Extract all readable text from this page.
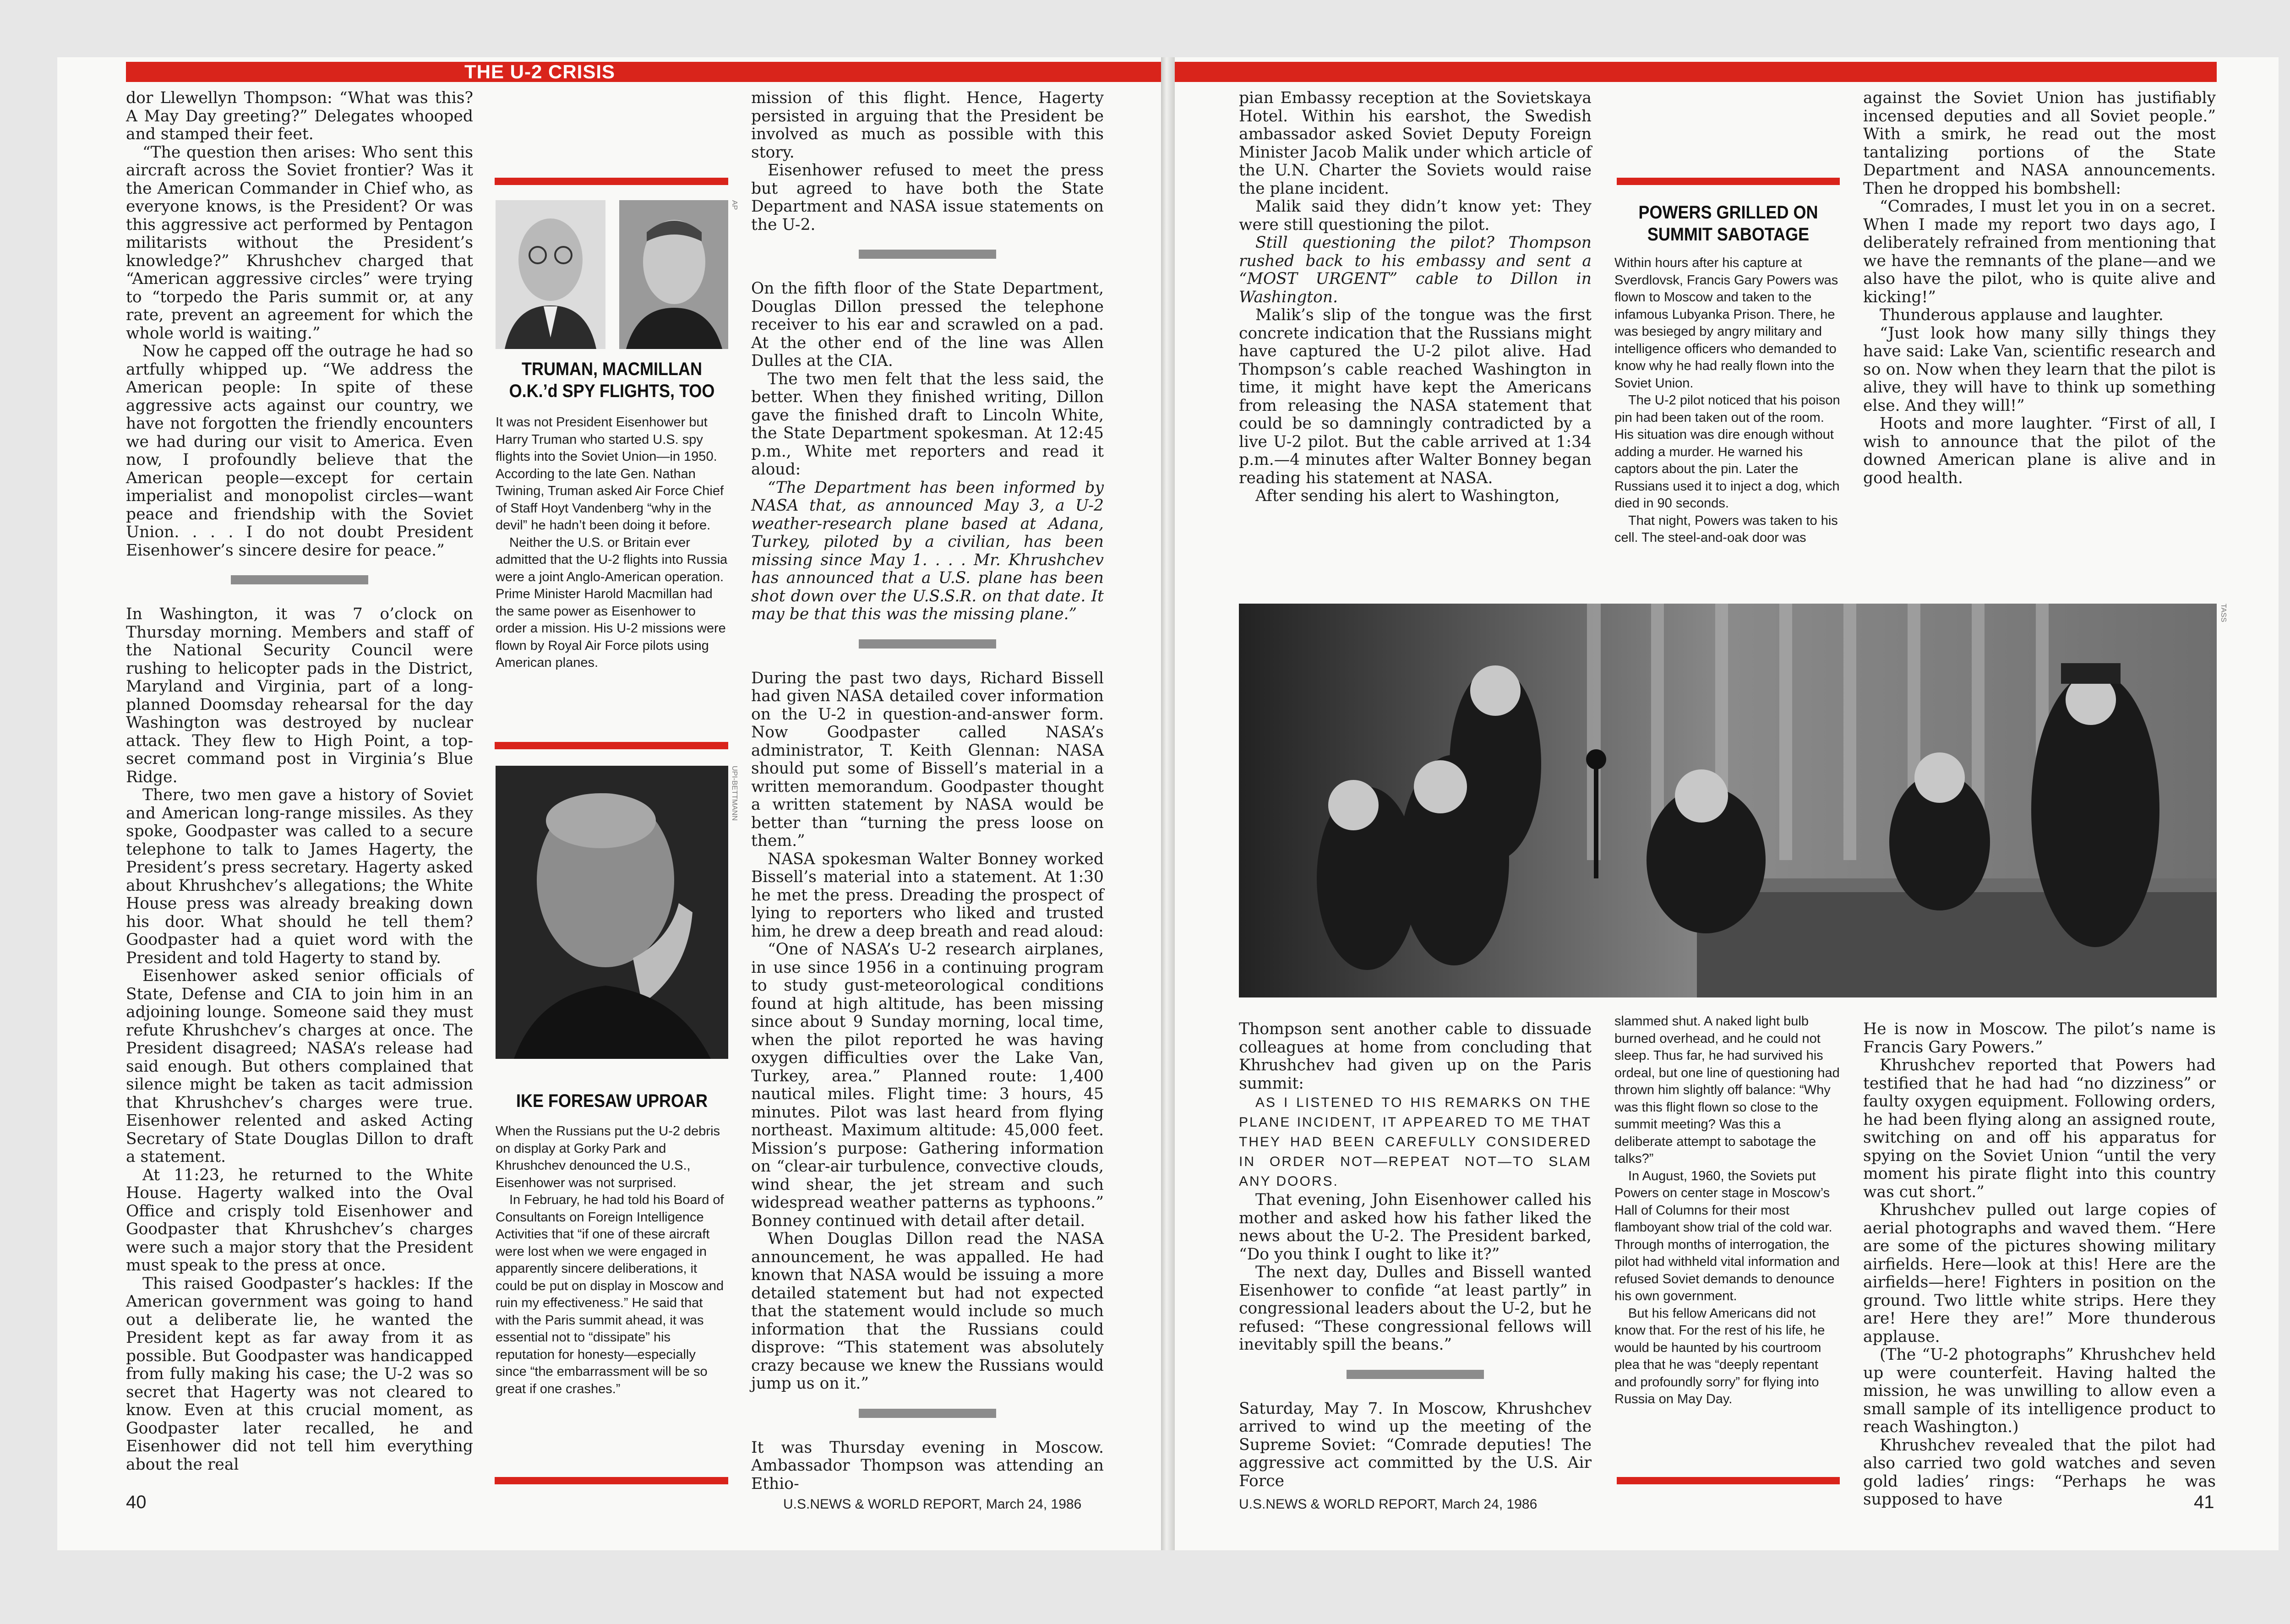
THE U-2 CRISIS

dor Llewellyn Thompson: “What was this? A May Day greeting?” Delegates whooped and stamped their feet.

“The question then arises: Who sent this aircraft across the Soviet frontier? Was it the American Commander in Chief who, as everyone knows, is the President? Or was this aggressive act performed by Pentagon militarists without the President’s knowledge?” Khrushchev charged that “American aggressive circles” were trying to “torpedo the Paris summit or, at any rate, prevent an agreement for which the whole world is waiting.”

Now he capped off the outrage he had so artfully whipped up. “We address the American people: In spite of these aggressive acts against our country, we have not forgotten the friendly encounters we had during our visit to America. Even now, I profoundly believe that the American people—except for certain imperialist and monopolist circles—want peace and friendship with the Soviet Union. . . . I do not doubt President Eisenhower’s sincere desire for peace.”

In Washington, it was 7 o’clock on Thursday morning. Members and staff of the National Security Council were rushing to helicopter pads in the District, Maryland and Virginia, part of a long-planned Doomsday rehearsal for the day Washington was destroyed by nuclear attack. They flew to High Point, a top-secret command post in Virginia’s Blue Ridge.

There, two men gave a history of Soviet and American long-range missiles. As they spoke, Goodpaster was called to a secure telephone to talk to James Hagerty, the President’s press secretary. Hagerty asked about Khrushchev’s allegations; the White House press was already breaking down his door. What should he tell them? Goodpaster had a quiet word with the President and told Hagerty to stand by.

Eisenhower asked senior officials of State, Defense and CIA to join him in an adjoining lounge. Someone said they must refute Khrushchev’s charges at once. The President disagreed; NASA’s release had said enough. But others complained that silence might be taken as tacit admission that Khrushchev’s charges were true. Eisenhower relented and asked Acting Secretary of State Douglas Dillon to draft a statement.

At 11:23, he returned to the White House. Hagerty walked into the Oval Office and crisply told Eisenhower and Goodpaster that Khrushchev’s charges were such a major story that the President must speak to the press at once.

This raised Goodpaster’s hackles: If the American government was going to hand out a deliberate lie, he wanted the President kept as far away from it as possible. But Goodpaster was handicapped from fully making his case; the U-2 was so secret that Hagerty was not cleared to know. Even at this crucial moment, as Goodpaster later recalled, he and Eisenhower did not tell him everything about the real

AP
TRUMAN, MACMILLAN O.K.’d SPY FLIGHTS, TOO

It was not President Eisenhower but Harry Truman who started U.S. spy flights into the Soviet Union—in 1950. According to the late Gen. Nathan Twining, Truman asked Air Force Chief of Staff Hoyt Vandenberg “why in the devil” he hadn’t been doing it before.

Neither the U.S. or Britain ever admitted that the U-2 flights into Russia were a joint Anglo-American operation. Prime Minister Harold Macmillan had the same power as Eisenhower to order a mission. His U-2 missions were flown by Royal Air Force pilots using American planes.

UPI-BETTMANN
IKE FORESAW UPROAR

When the Russians put the U-2 debris on display at Gorky Park and Khrushchev denounced the U.S., Eisenhower was not surprised.

In February, he had told his Board of Consultants on Foreign Intelligence Activities that “if one of these aircraft were lost when we were engaged in apparently sincere deliberations, it could be put on display in Moscow and ruin my effectiveness.” He said that with the Paris summit ahead, it was essential not to “dissipate” his reputation for honesty—especially since “the embarrassment will be so great if one crashes.”

mission of this flight. Hence, Hagerty persisted in arguing that the President be involved as much as possible with this story.

Eisenhower refused to meet the press but agreed to have both the State Department and NASA issue statements on the U-2.

On the fifth floor of the State Department, Douglas Dillon pressed the telephone receiver to his ear and scrawled on a pad. At the other end of the line was Allen Dulles at the CIA.

The two men felt that the less said, the better. When they finished writing, Dillon gave the finished draft to Lincoln White, the State Department spokesman. At 12:45 p.m., White met reporters and read it aloud:

“The Department has been informed by NASA that, as announced May 3, a U-2 weather-research plane based at Adana, Turkey, piloted by a civilian, has been missing since May 1. . . . Mr. Khrushchev has announced that a U.S. plane has been shot down over the U.S.S.R. on that date. It may be that this was the missing plane.”

During the past two days, Richard Bissell had given NASA detailed cover information on the U-2 in question-and-answer form. Now Goodpaster called NASA’s administrator, T. Keith Glennan: NASA should put some of Bissell’s material in a written memorandum. Goodpaster thought a written statement by NASA would be better than “turning the press loose on them.”

NASA spokesman Walter Bonney worked Bissell’s material into a statement. At 1:30 he met the press. Dreading the prospect of lying to reporters who liked and trusted him, he drew a deep breath and read aloud:

“One of NASA’s U-2 research airplanes, in use since 1956 in a continuing program to study gust-meteorological conditions found at high altitude, has been missing since about 9 Sunday morning, local time, when the pilot reported he was having oxygen difficulties over the Lake Van, Turkey, area.” Planned route: 1,400 nautical miles. Flight time: 3 hours, 45 minutes. Pilot was last heard from flying northeast. Maximum altitude: 45,000 feet. Mission’s purpose: Gathering information on “clear-air turbulence, convective clouds, wind shear, the jet stream and such widespread weather patterns as typhoons.” Bonney continued with detail after detail.

When Douglas Dillon read the NASA announcement, he was appalled. He had known that NASA would be issuing a more detailed statement but had not expected that the statement would include so much information that the Russians could disprove: “This statement was absolutely crazy because we knew the Russians would jump us on it.”

It was Thursday evening in Moscow. Ambassador Thompson was attending an Ethio-

pian Embassy reception at the Sovietskaya Hotel. Within his earshot, the Swedish ambassador asked Soviet Deputy Foreign Minister Jacob Malik under which article of the U.N. Charter the Soviets would raise the plane incident.

Malik said they didn’t know yet: They were still questioning the pilot.

Still questioning the pilot? Thompson rushed back to his embassy and sent a “MOST URGENT” cable to Dillon in Washington.

Malik’s slip of the tongue was the first concrete indication that the Russians might have captured the U-2 pilot alive. Had Thompson’s cable reached Washington in time, it might have kept the Americans from releasing the NASA statement that could be so damningly contradicted by a live U-2 pilot. But the cable arrived at 1:34 p.m.—4 minutes after Walter Bonney began reading his statement at NASA.

After sending his alert to Washington,

POWERS GRILLED ON SUMMIT SABOTAGE

Within hours after his capture at Sverdlovsk, Francis Gary Powers was flown to Moscow and taken to the infamous Lubyanka Prison. There, he was besieged by angry military and intelligence officers who demanded to know why he had really flown into the Soviet Union.

The U-2 pilot noticed that his poison pin had been taken out of the room. His situation was dire enough without adding a murder. He warned his captors about the pin. Later the Russians used it to inject a dog, which died in 90 seconds.

That night, Powers was taken to his cell. The steel-and-oak door was

against the Soviet Union has justifiably incensed deputies and all Soviet people.” With a smirk, he read out the most tantalizing portions of the State Department and NASA announcements. Then he dropped his bombshell:

“Comrades, I must let you in on a secret. When I made my report two days ago, I deliberately refrained from mentioning that we have the remnants of the plane—and we also have the pilot, who is quite alive and kicking!”

Thunderous applause and laughter.

“Just look how many silly things they have said: Lake Van, scientific research and so on. Now when they learn that the pilot is alive, they will have to think up something else. And they will!”

Hoots and more laughter. “First of all, I wish to announce that the pilot of the downed American plane is alive and in good health.

TASS

Thompson sent another cable to dissuade colleagues at home from concluding that Khrushchev had given up on the Paris summit:

AS I LISTENED TO HIS REMARKS ON THE PLANE INCIDENT, IT APPEARED TO ME THAT THEY HAD BEEN CAREFULLY CONSIDERED IN ORDER NOT—REPEAT NOT—TO SLAM ANY DOORS.

That evening, John Eisenhower called his mother and asked how his father liked the news about the U-2. The President barked, “Do you think I ought to like it?”

The next day, Dulles and Bissell wanted Eisenhower to confide “at least partly” in congressional leaders about the U-2, but he refused: “These congressional fellows will inevitably spill the beans.”

Saturday, May 7. In Moscow, Khrushchev arrived to wind up the meeting of the Supreme Soviet: “Comrade deputies! The aggressive act committed by the U.S. Air Force

slammed shut. A naked light bulb burned overhead, and he could not sleep. Thus far, he had survived his ordeal, but one line of questioning had thrown him slightly off balance: “Why was this flight flown so close to the summit meeting? Was this a deliberate attempt to sabotage the talks?”

In August, 1960, the Soviets put Powers on center stage in Moscow’s Hall of Columns for their most flamboyant show trial of the cold war. Through months of interrogation, the pilot had withheld vital information and refused Soviet demands to denounce his own government.

But his fellow Americans did not know that. For the rest of his life, he would be haunted by his courtroom plea that he was “deeply repentant and profoundly sorry” for flying into Russia on May Day.

He is now in Moscow. The pilot’s name is Francis Gary Powers.”

Khrushchev reported that Powers had testified that he had had “no dizziness” or faulty oxygen equipment. Following orders, he had been flying along an assigned route, switching on and off his apparatus for spying on the Soviet Union “until the very moment his pirate flight into this country was cut short.”

Khrushchev pulled out large copies of aerial photographs and waved them. “Here are some of the pictures showing military airfields. Here—look at this! Here are the airfields—here! Fighters in position on the ground. Two little white strips. Here they are! Here they are!” More thunderous applause.

(The “U-2 photographs” Khrushchev held up were counterfeit. Having halted the mission, he was unwilling to allow even a small sample of its intelligence product to reach Washington.)

Khrushchev revealed that the pilot had also carried two gold watches and seven gold ladies’ rings: “Perhaps he was supposed to have

40	U.S.NEWS & WORLD REPORT, March 24, 1986	U.S.NEWS & WORLD REPORT, March 24, 1986	41
